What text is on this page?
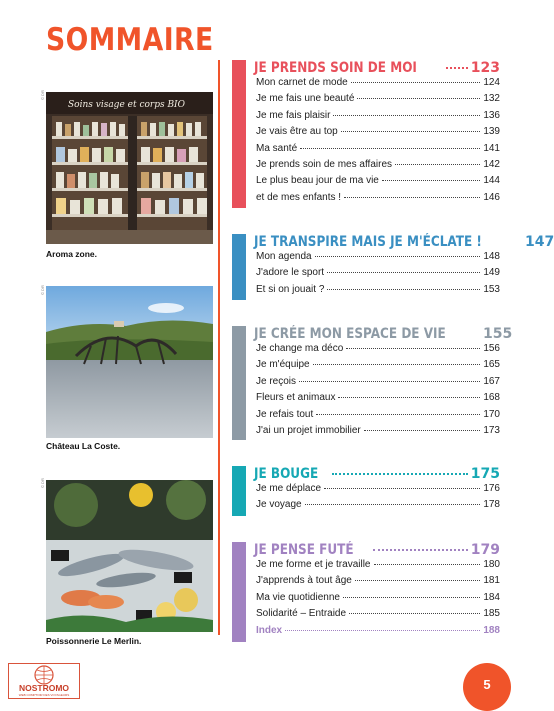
SOMMAIRE
© DR
Soins visage et corps BIO
Aroma zone.
© DR
Château La Coste.
© DR
Poissonnerie Le Merlin.
JE PRENDS SOIN DE MOI	123
Mon carnet de mode	124
Je me fais une beauté	132
Je me fais plaisir	136
Je vais être au top	139
Ma santé	141
Je prends soin de mes affaires	142
Le plus beau jour de ma vie	144
et de mes enfants !	146
JE TRANSPIRE MAIS JE M'ÉCLATE !	147
Mon agenda	148
J'adore le sport	149
Et si on jouait ?	153
JE CRÉE MON ESPACE DE VIE	155
Je change ma déco	156
Je m'équipe	165
Je reçois	167
Fleurs et animaux	168
Je refais tout	170
J'ai un projet immobilier	173
JE BOUGE	175
Je me déplace	176
Je voyage	178
JE PENSE FUTÉ	179
Je me forme et je travaille	180
J'apprends à tout âge	181
Ma vie quotidienne	184
Solidarité – Entraide	185
Index	188
NOSTROMO
WEB COMPTOIR DES VOYAGEURS
5
